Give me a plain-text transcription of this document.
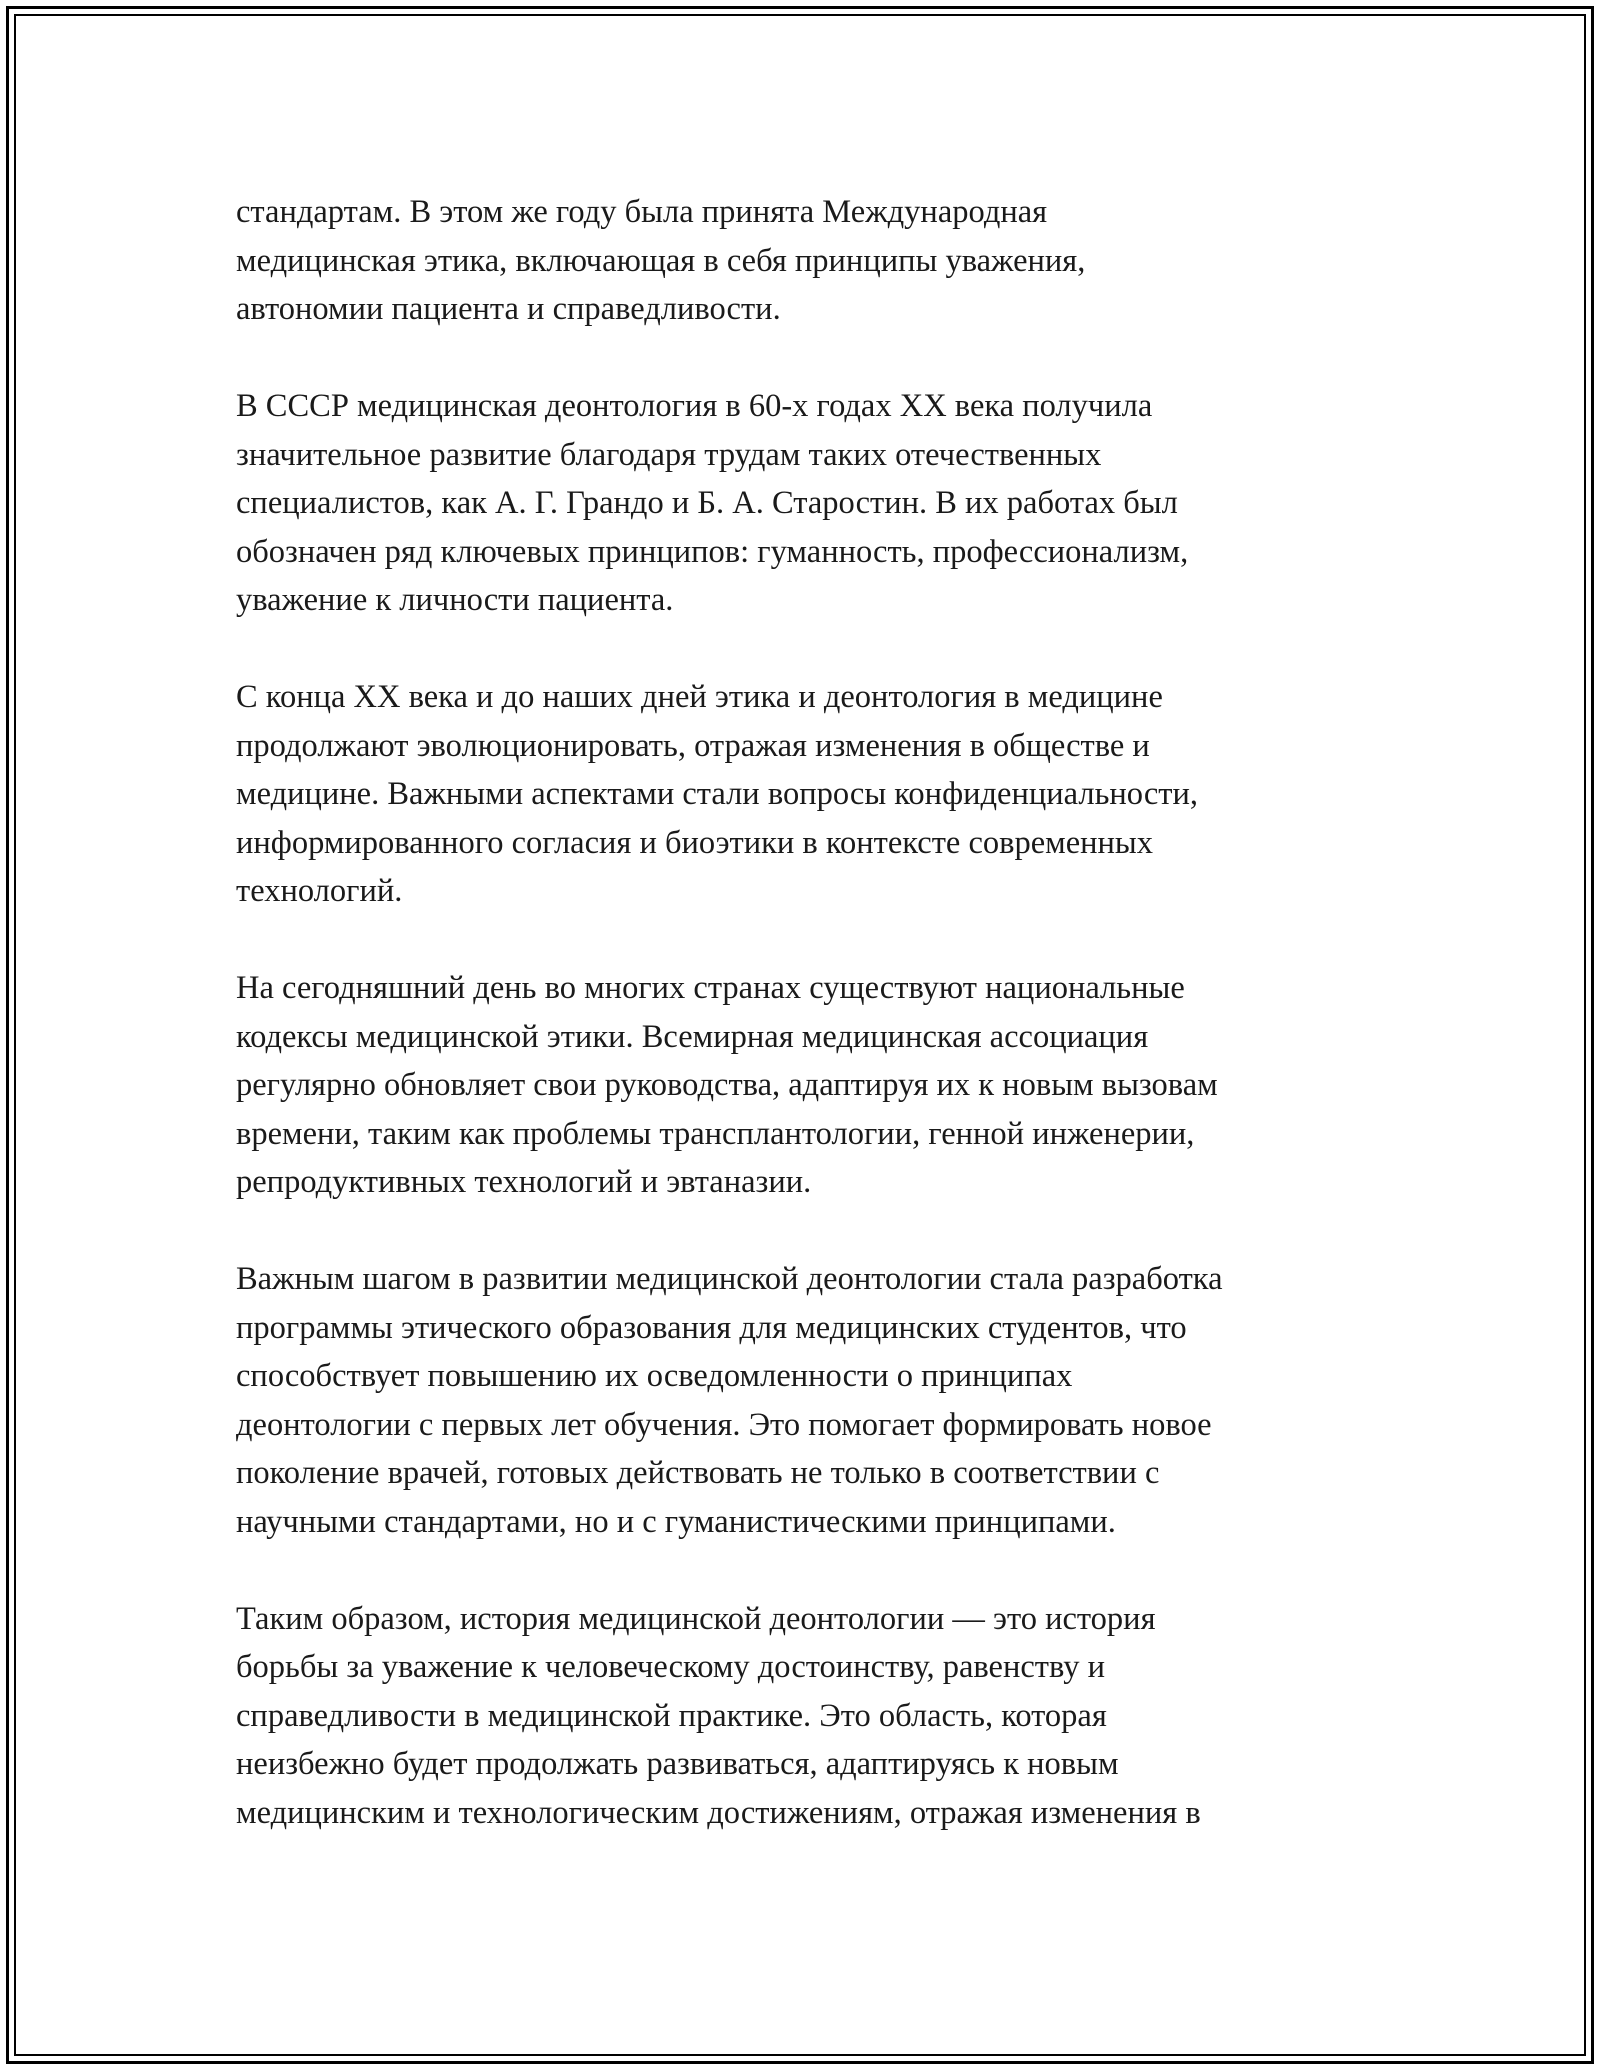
стандартам. В этом же году была принята Международная
медицинская этика, включающая в себя принципы уважения,
автономии пациента и справедливости.

В СССР медицинская деонтология в 60-х годах XX века получила
значительное развитие благодаря трудам таких отечественных
специалистов, как А. Г. Грандо и Б. А. Старостин. В их работах был
обозначен ряд ключевых принципов: гуманность, профессионализм,
уважение к личности пациента.

С конца XX века и до наших дней этика и деонтология в медицине
продолжают эволюционировать, отражая изменения в обществе и
медицине. Важными аспектами стали вопросы конфиденциальности,
информированного согласия и биоэтики в контексте современных
технологий.

На сегодняшний день во многих странах существуют национальные
кодексы медицинской этики. Всемирная медицинская ассоциация
регулярно обновляет свои руководства, адаптируя их к новым вызовам
времени, таким как проблемы трансплантологии, генной инженерии,
репродуктивных технологий и эвтаназии.

Важным шагом в развитии медицинской деонтологии стала разработка
программы этического образования для медицинских студентов, что
способствует повышению их осведомленности о принципах
деонтологии с первых лет обучения. Это помогает формировать новое
поколение врачей, готовых действовать не только в соответствии с
научными стандартами, но и с гуманистическими принципами.

Таким образом, история медицинской деонтологии — это история
борьбы за уважение к человеческому достоинству, равенству и
справедливости в медицинской практике. Это область, которая
неизбежно будет продолжать развиваться, адаптируясь к новым
медицинским и технологическим достижениям, отражая изменения в
